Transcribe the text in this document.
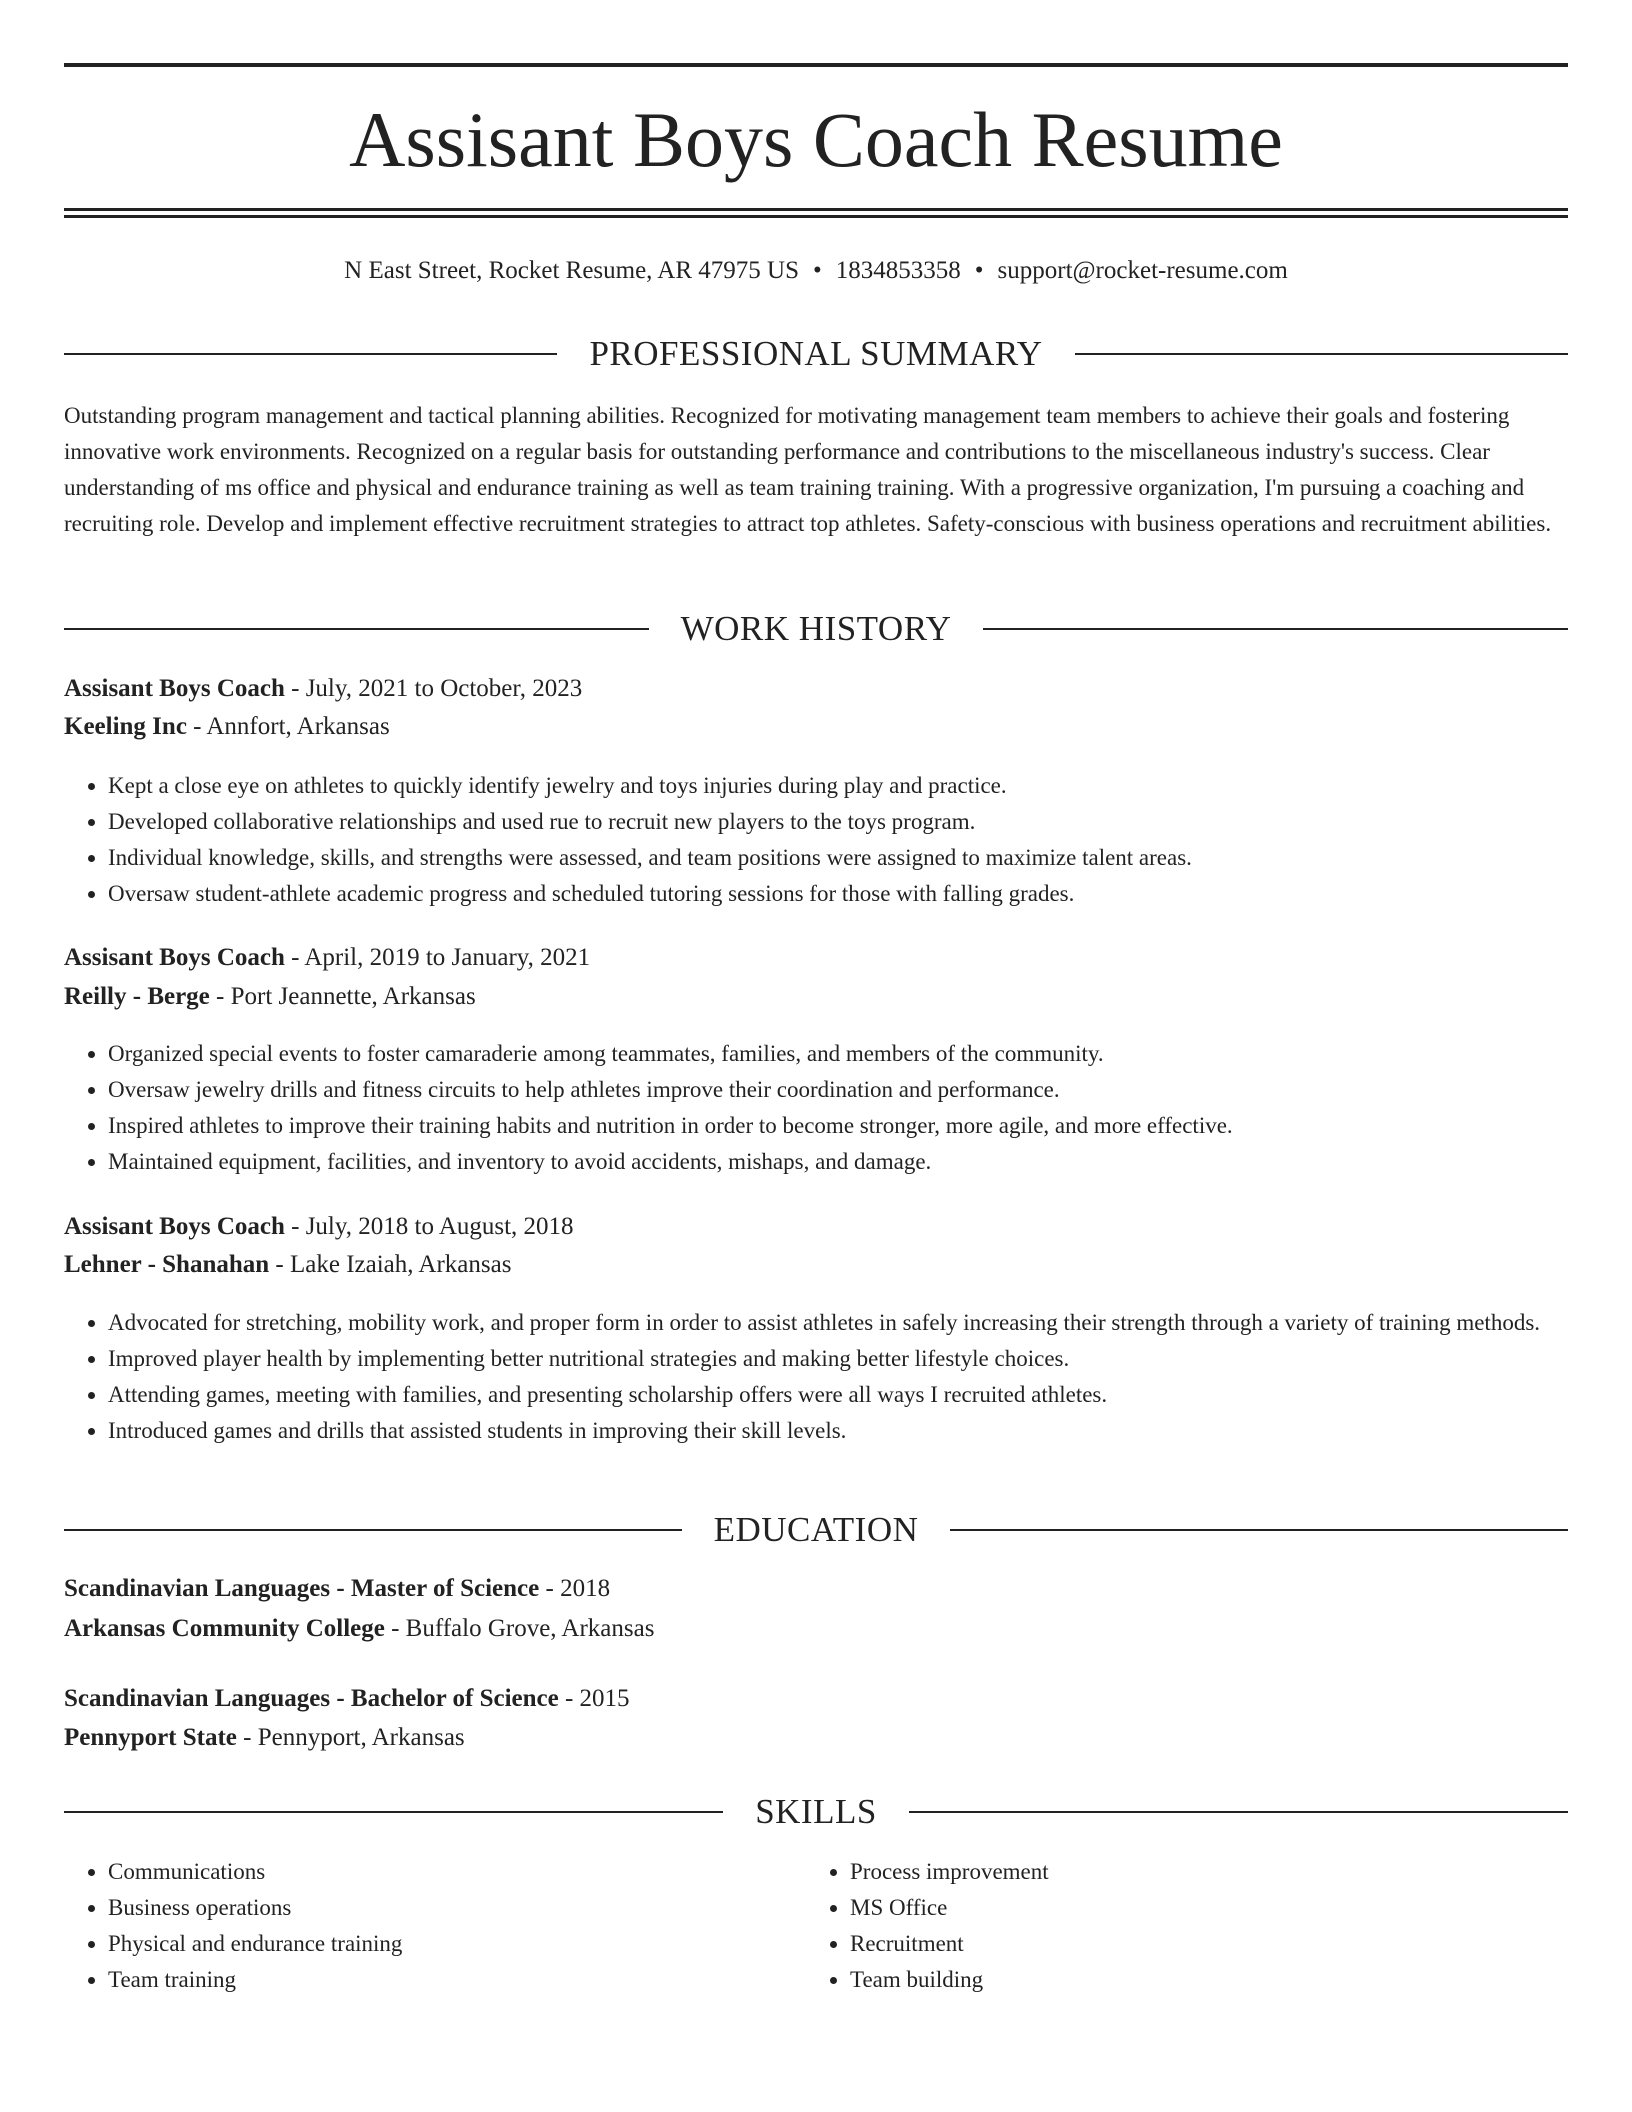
Assisant Boys Coach Resume
N East Street, Rocket Resume, AR 47975 US • 1834853358 • support@rocket-resume.com
PROFESSIONAL SUMMARY

Outstanding program management and tactical planning abilities. Recognized for motivating management team members to achieve their goals and fostering innovative work environments. Recognized on a regular basis for outstanding performance and contributions to the miscellaneous industry's success. Clear understanding of ms office and physical and endurance training as well as team training training. With a progressive organization, I'm pursuing a coaching and recruiting role. Develop and implement effective recruitment strategies to attract top athletes. Safety-conscious with business operations and recruitment abilities.

WORK HISTORY
Assisant Boys Coach - July, 2021 to October, 2023
Keeling Inc - Annfort, Arkansas
• Kept a close eye on athletes to quickly identify jewelry and toys injuries during play and practice.
• Developed collaborative relationships and used rue to recruit new players to the toys program.
• Individual knowledge, skills, and strengths were assessed, and team positions were assigned to maximize talent areas.
• Oversaw student-athlete academic progress and scheduled tutoring sessions for those with falling grades.
Assisant Boys Coach - April, 2019 to January, 2021
Reilly - Berge - Port Jeannette, Arkansas
• Organized special events to foster camaraderie among teammates, families, and members of the community.
• Oversaw jewelry drills and fitness circuits to help athletes improve their coordination and performance.
• Inspired athletes to improve their training habits and nutrition in order to become stronger, more agile, and more effective.
• Maintained equipment, facilities, and inventory to avoid accidents, mishaps, and damage.
Assisant Boys Coach - July, 2018 to August, 2018
Lehner - Shanahan - Lake Izaiah, Arkansas
• Advocated for stretching, mobility work, and proper form in order to assist athletes in safely increasing their strength through a variety of training methods.
• Improved player health by implementing better nutritional strategies and making better lifestyle choices.
• Attending games, meeting with families, and presenting scholarship offers were all ways I recruited athletes.
• Introduced games and drills that assisted students in improving their skill levels.
EDUCATION
Scandinavian Languages - Master of Science - 2018
Arkansas Community College - Buffalo Grove, Arkansas
Scandinavian Languages - Bachelor of Science - 2015
Pennyport State - Pennyport, Arkansas
SKILLS
• Communications
• Business operations
• Physical and endurance training
• Team training
• Process improvement
• MS Office
• Recruitment
• Team building
